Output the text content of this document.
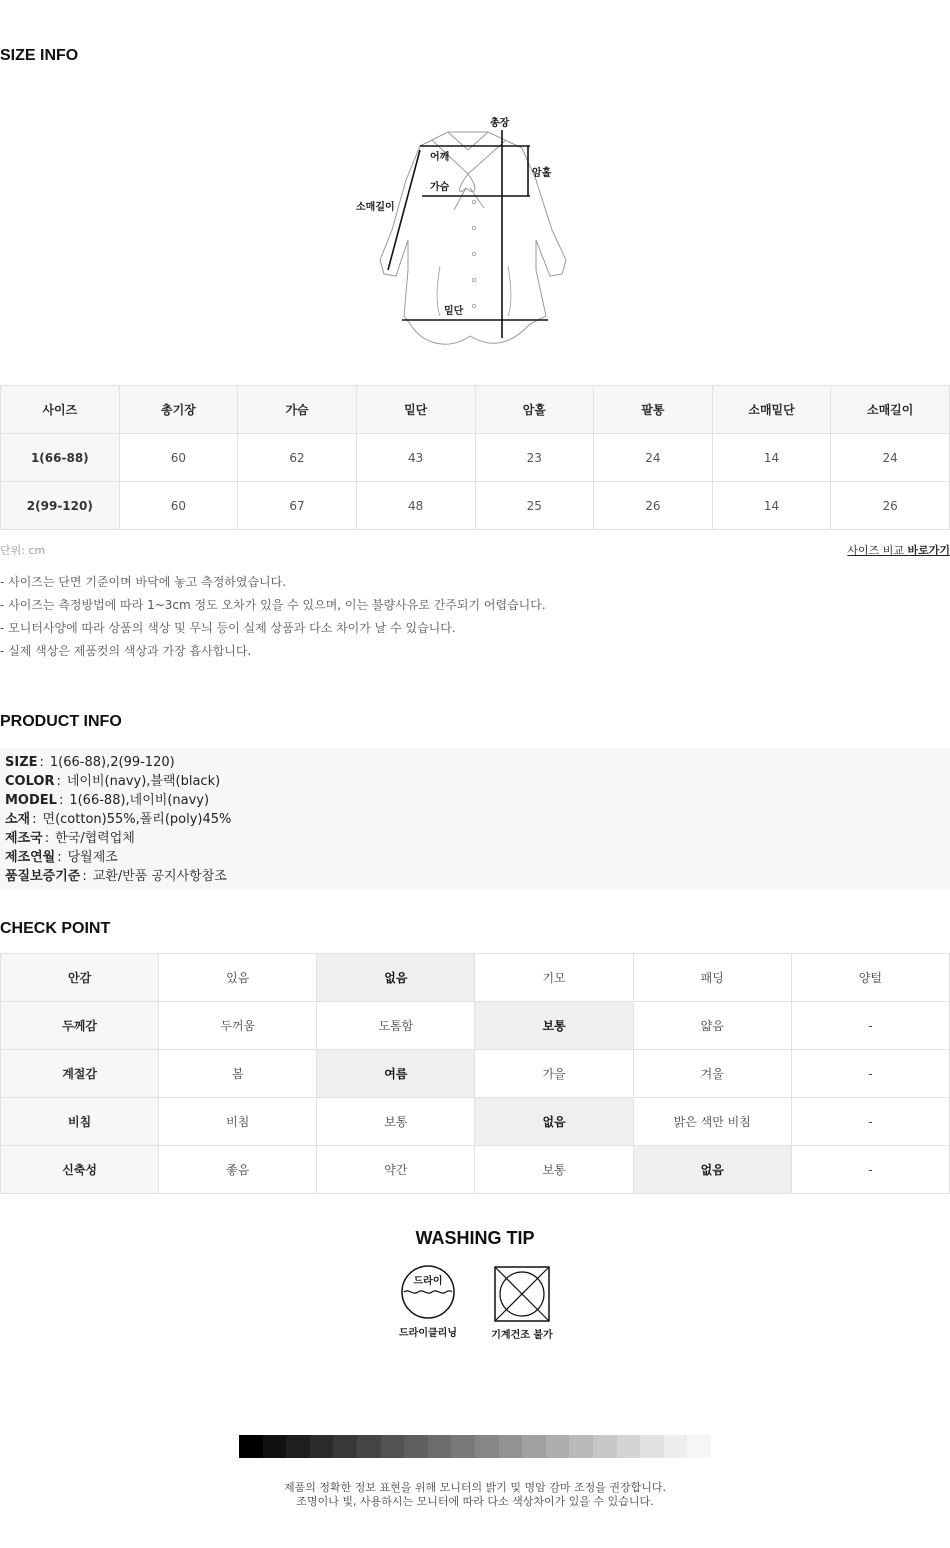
SIZE INFO
총장
어깨
가슴
암홀
소매길이
밑단
사이즈	총기장	가슴	밑단	암홀	팔통	소매밑단	소매길이
1(66-88)	60	62	43	23	24	14	24
2(99-120)	60	67	48	25	26	14	26
단위: cm	사이즈 비교 바로가기
- 사이즈는 단면 기준이며 바닥에 놓고 측정하였습니다.
- 사이즈는 측정방법에 따라 1~3cm 정도 오차가 있을 수 있으며, 이는 불량사유로 간주되기 어렵습니다.
- 모니터사양에 따라 상품의 색상 및 무늬 등이 실제 상품과 다소 차이가 날 수 있습니다.
- 실제 색상은 제품컷의 색상과 가장 흡사합니다.
PRODUCT INFO
SIZE : 1(66-88),2(99-120)
COLOR : 네이비(navy),블랙(black)
MODEL : 1(66-88),네이비(navy)
소재 : 면(cotton)55%,폴리(poly)45%
제조국 : 한국/협력업체
제조연월 : 당월제조
품질보증기준 : 교환/반품 공지사항참조
CHECK POINT
안감	있음	없음	기모	패딩	양털
두께감	두꺼움	도톰함	보통	얇음	-
계절감	봄	여름	가을	겨울	-
비침	비침	보통	없음	밝은 색만 비침	-
신축성	좋음	약간	보통	없음	-
WASHING TIP
드라이
드라이클리닝	기계건조 불가
제품의 정확한 정보 표현을 위해 모니터의 밝기 및 명암 감마 조정을 권장합니다.
조명이나 빛, 사용하시는 모니터에 따라 다소 색상차이가 있을 수 있습니다.
